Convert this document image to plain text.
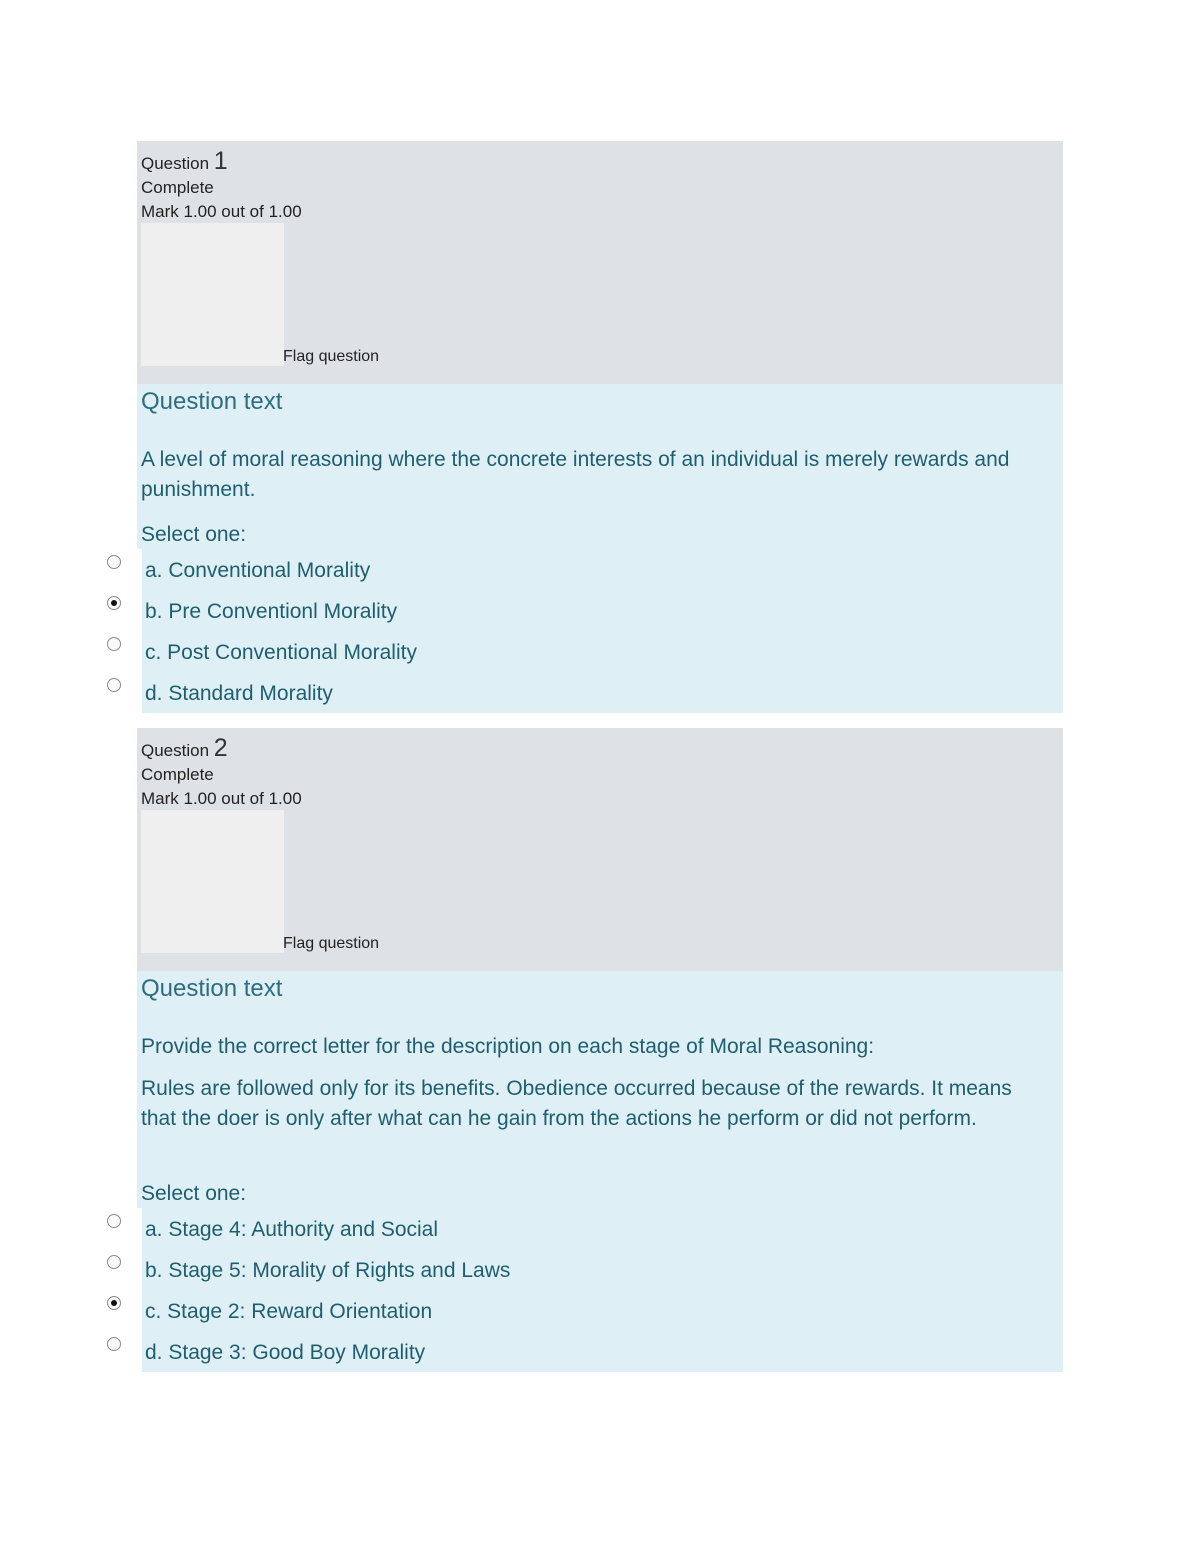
Question 1
Complete
Mark 1.00 out of 1.00
Flag question
Question text
A level of moral reasoning where the concrete interests of an individual is merely rewards and punishment.
Select one:
a. Conventional Morality
b. Pre Conventionl Morality
c. Post Conventional Morality
d. Standard Morality
Question 2
Complete
Mark 1.00 out of 1.00
Flag question
Question text
Provide the correct letter for the description on each stage of Moral Reasoning:
Rules are followed only for its benefits. Obedience occurred because of the rewards. It means that the doer is only after what can he gain from the actions he perform or did not perform.
Select one:
a. Stage 4: Authority and Social
b. Stage 5: Morality of Rights and Laws
c. Stage 2: Reward Orientation
d. Stage 3: Good Boy Morality
